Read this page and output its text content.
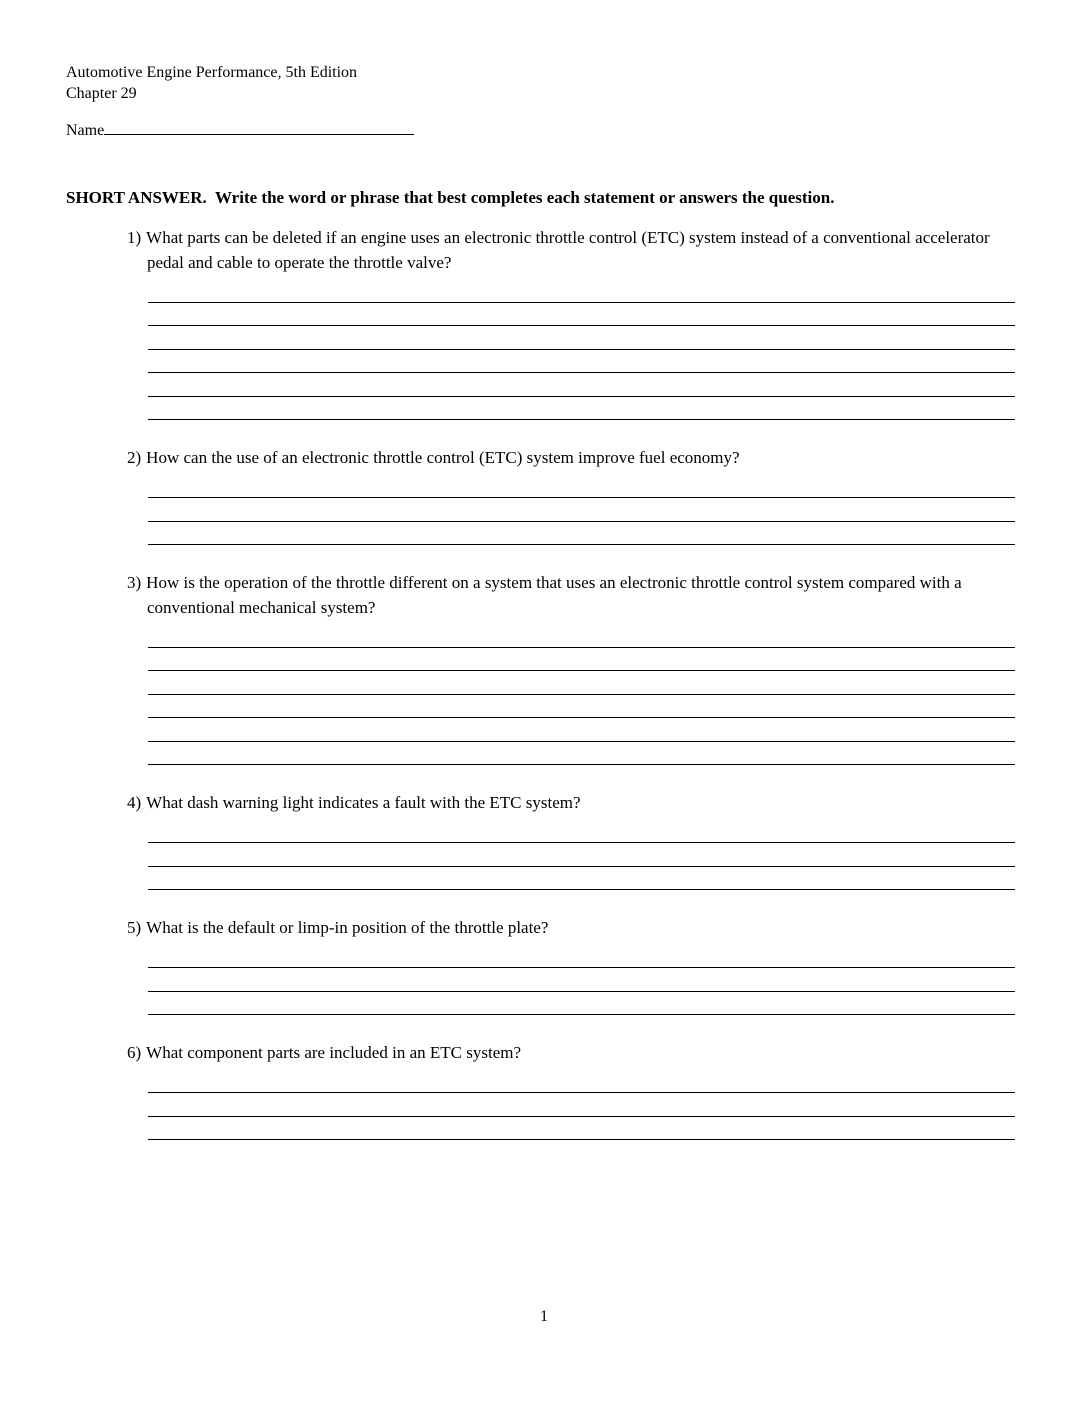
Automotive Engine Performance, 5th Edition
Chapter 29
Name
SHORT ANSWER.  Write the word or phrase that best completes each statement or answers the question.
1) What parts can be deleted if an engine uses an electronic throttle control (ETC) system instead of a conventional accelerator pedal and cable to operate the throttle valve?
2) How can the use of an electronic throttle control (ETC) system improve fuel economy?
3) How is the operation of the throttle different on a system that uses an electronic throttle control system compared with a conventional mechanical system?
4) What dash warning light indicates a fault with the ETC system?
5) What is the default or limp-in position of the throttle plate?
6) What component parts are included in an ETC system?
1
